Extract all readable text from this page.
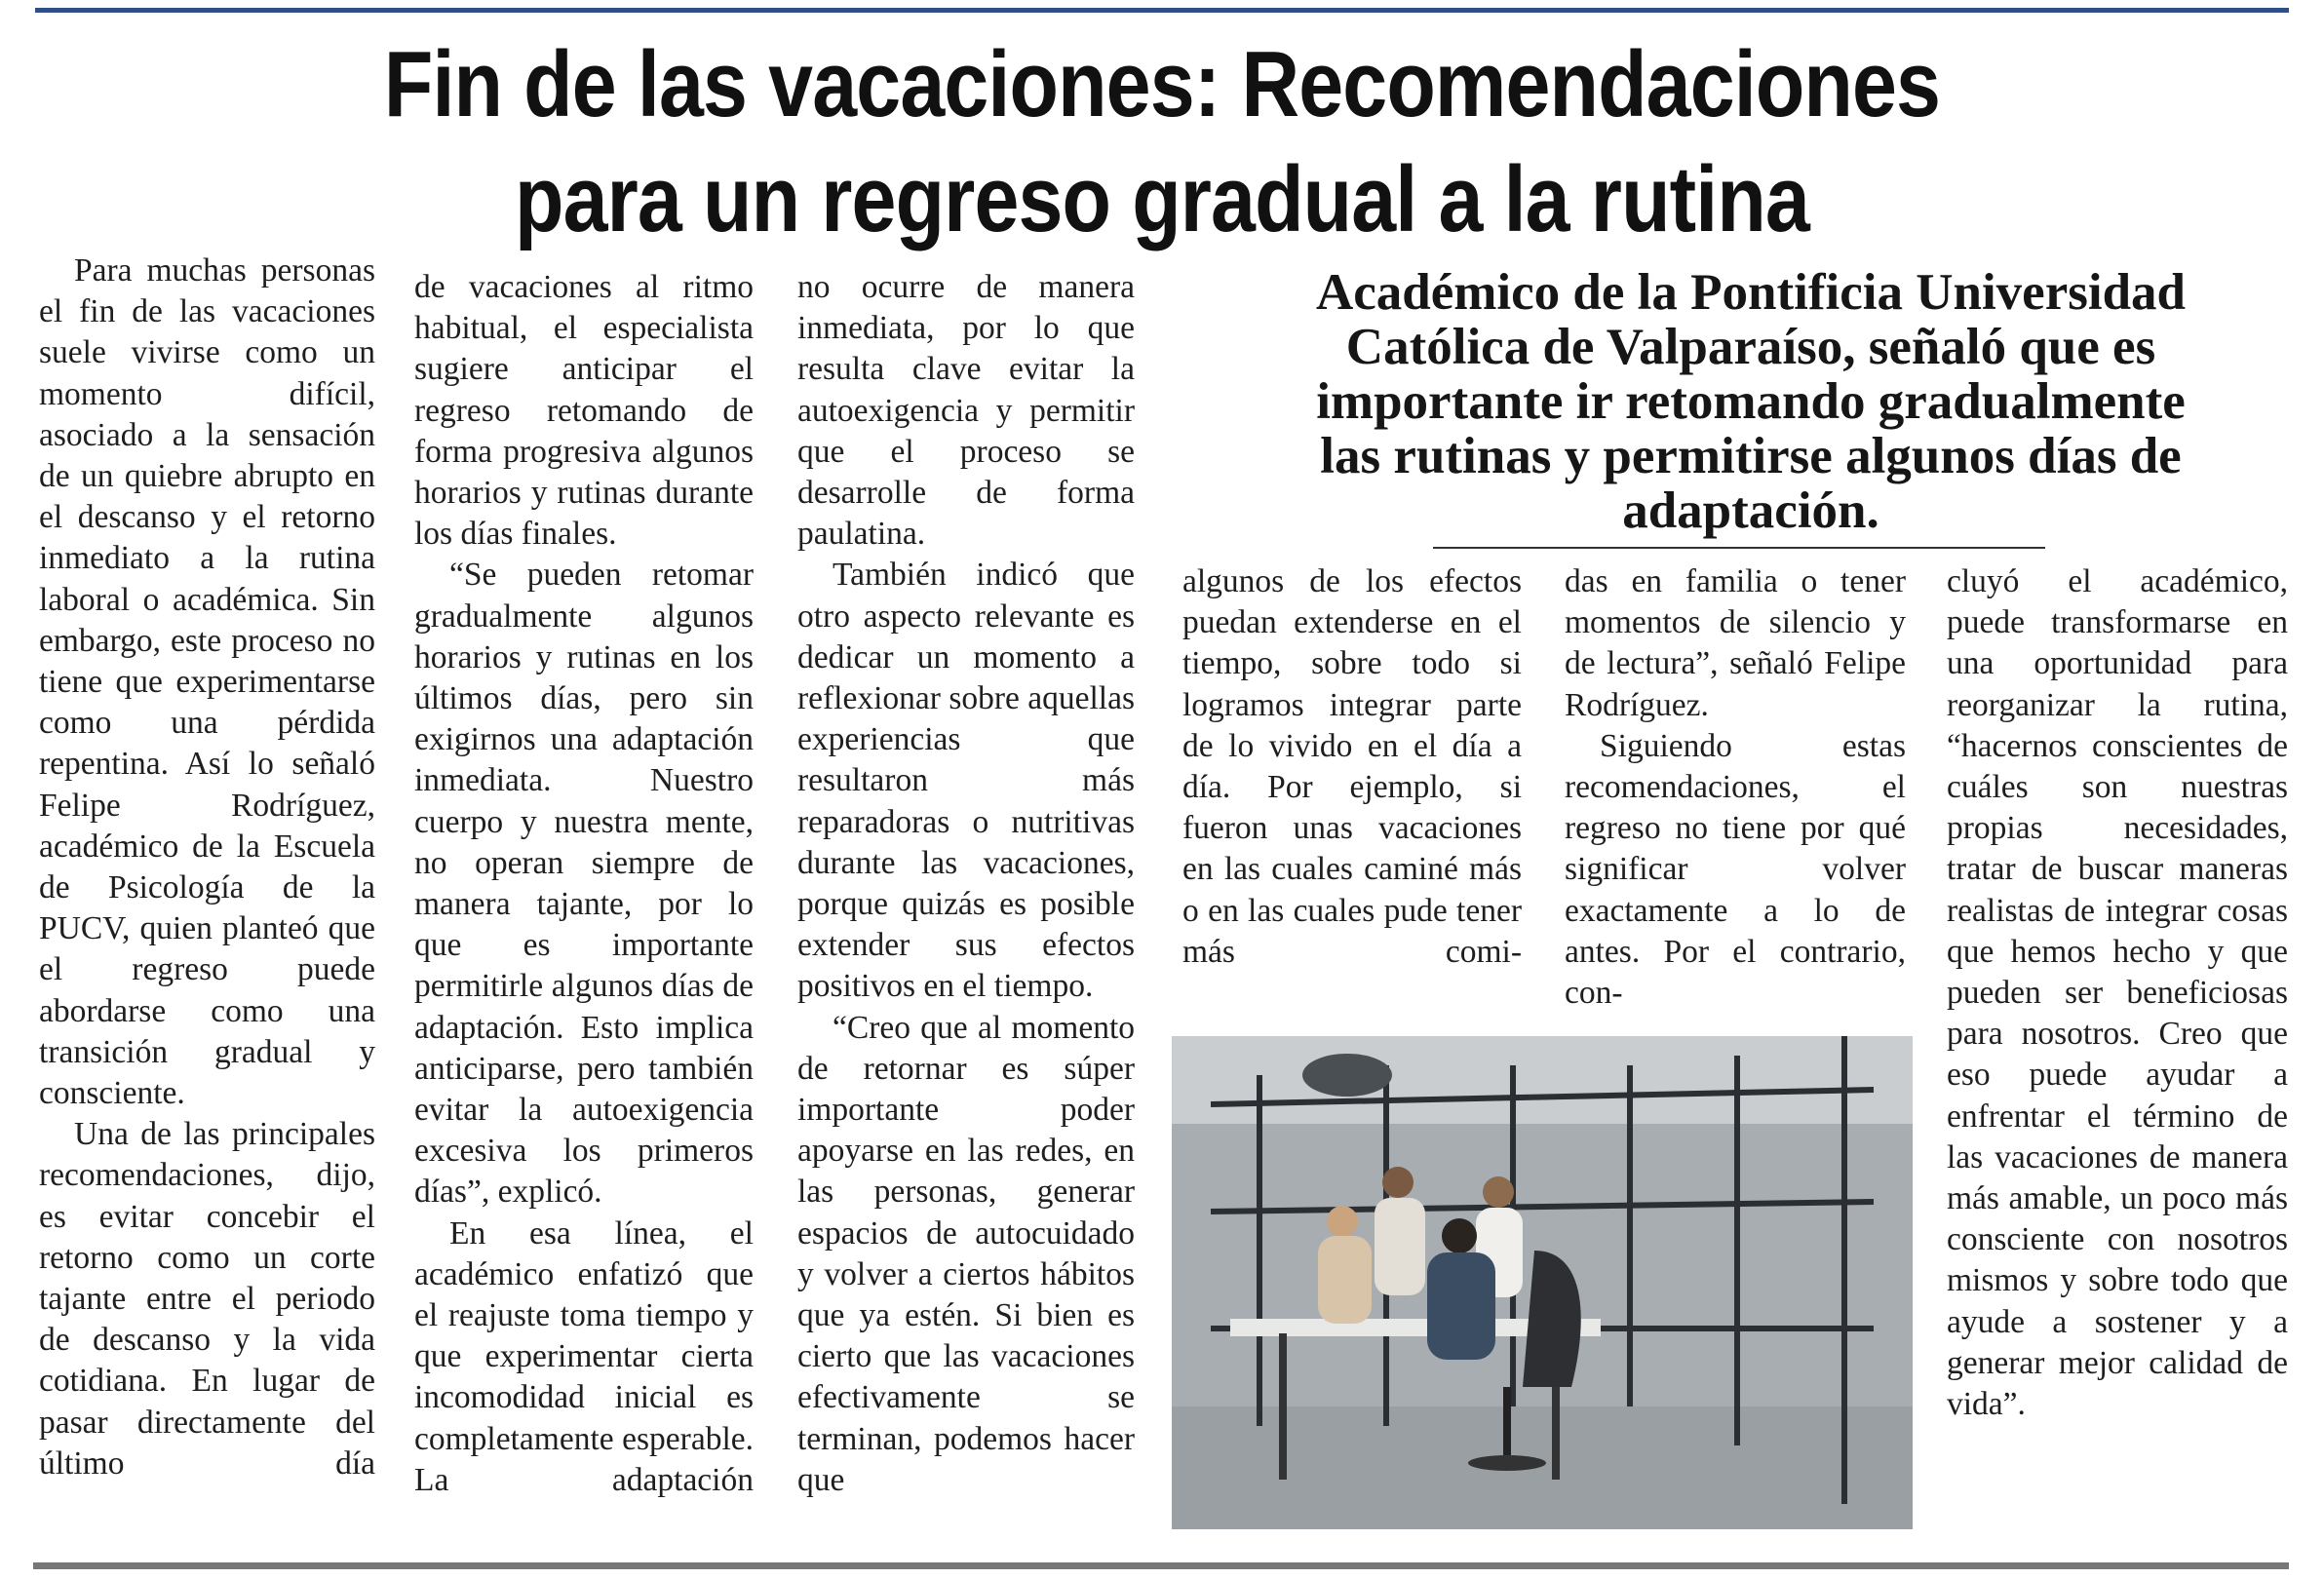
Fin de las vacaciones: Recomendaciones
para un regreso gradual a la rutina

Para muchas personas el fin de las vacaciones suele vivirse como un momento difícil, asociado a la sensación de un quiebre abrupto en el descanso y el retorno inmediato a la rutina laboral o académica. Sin embargo, este proceso no tiene que experimentarse como una pérdida repentina. Así lo señaló Felipe Rodríguez, académico de la Escuela de Psicología de la PUCV, quien planteó que el regreso puede abordarse como una transición gradual y consciente.

Una de las principales recomendaciones, dijo, es evitar concebir el retorno como un corte tajante entre el periodo de descanso y la vida cotidiana. En lugar de pasar directamente del último día

de vacaciones al ritmo habitual, el especialista sugiere anticipar el regreso retomando de forma progresiva algunos horarios y rutinas durante los días finales.

“Se pueden retomar gradualmente algunos horarios y rutinas en los últimos días, pero sin exigirnos una adaptación inmediata. Nuestro cuerpo y nuestra mente, no operan siempre de manera tajante, por lo que es importante permitirle algunos días de adaptación. Esto implica anticiparse, pero también evitar la autoexigencia excesiva los primeros días”, explicó.

En esa línea, el académico enfatizó que el reajuste toma tiempo y que experimentar cierta incomodidad inicial es completamente esperable. La adaptación

no ocurre de manera inmediata, por lo que resulta clave evitar la autoexigencia y permitir que el proceso se desarrolle de forma paulatina.

También indicó que otro aspecto relevante es dedicar un momento a reflexionar sobre aquellas experiencias que resultaron más reparadoras o nutritivas durante las vacaciones, porque quizás es posible extender sus efectos positivos en el tiempo.

“Creo que al momento de retornar es súper importante poder apoyarse en las redes, en las personas, generar espacios de autocuidado y volver a ciertos hábitos que ya estén. Si bien es cierto que las vacaciones efectivamente se terminan, podemos hacer que

Académico de la Pontificia Universidad
Católica de Valparaíso, señaló que es
importante ir retomando gradualmente
las rutinas y permitirse algunos días de
adaptación.

algunos de los efectos puedan extenderse en el tiempo, sobre todo si logramos integrar parte de lo vivido en el día a día. Por ejemplo, si fueron unas vacaciones en las cuales caminé más o en las cuales pude tener más comi-

das en familia o tener momentos de silencio y de lectura”, señaló Felipe Rodríguez.

Siguiendo estas recomendaciones, el regreso no tiene por qué significar volver exactamente a lo de antes. Por el contrario, con-

cluyó el académico, puede transformarse en una oportunidad para reorganizar la rutina, “hacernos conscientes de cuáles son nuestras propias necesidades, tratar de buscar maneras realistas de integrar cosas que hemos hecho y que pueden ser beneficiosas para nosotros. Creo que eso puede ayudar a enfrentar el término de las vacaciones de manera más amable, un poco más consciente con nosotros mismos y sobre todo que ayude a sostener y a generar mejor calidad de vida”.
